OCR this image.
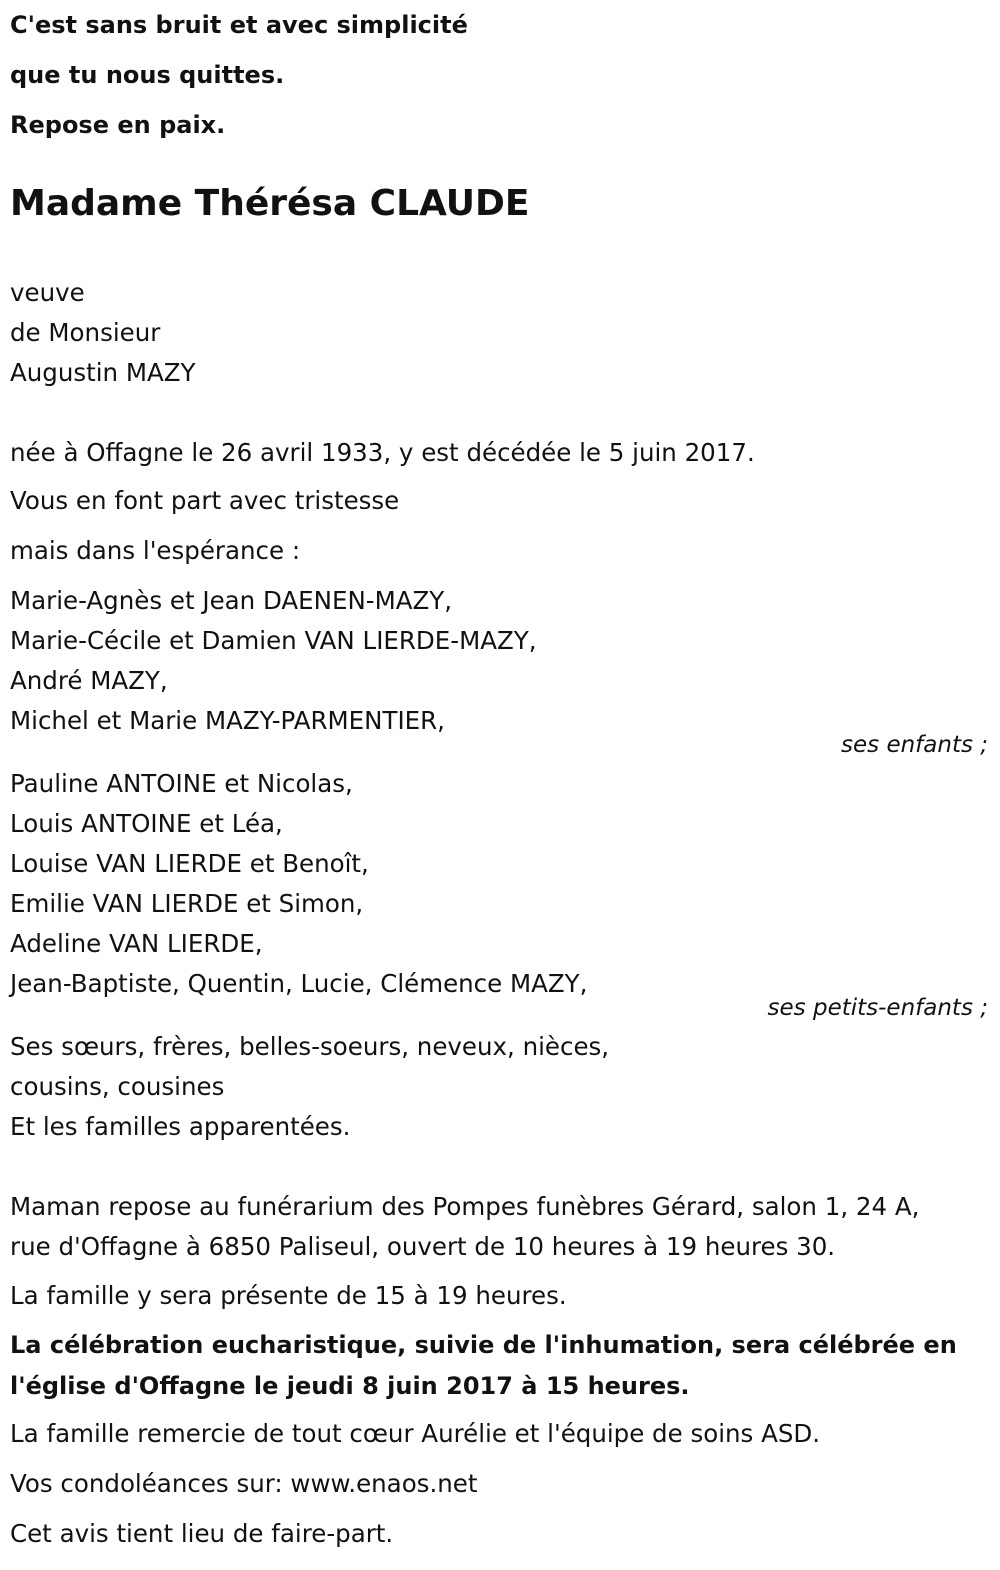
C'est sans bruit et avec simplicité
que tu nous quittes.
Repose en paix.
Madame Thérésa CLAUDE
veuve
de Monsieur
Augustin MAZY
née à Offagne le 26 avril 1933, y est décédée le 5 juin 2017.
Vous en font part avec tristesse
mais dans l'espérance :
Marie-Agnès et Jean DAENEN-MAZY,
Marie-Cécile et Damien VAN LIERDE-MAZY,
André MAZY,
Michel et Marie MAZY-PARMENTIER,
ses enfants ;
Pauline ANTOINE et Nicolas,
Louis ANTOINE et Léa,
Louise VAN LIERDE et Benoît,
Emilie VAN LIERDE et Simon,
Adeline VAN LIERDE,
Jean-Baptiste, Quentin, Lucie, Clémence MAZY,
ses petits-enfants ;
Ses sœurs, frères, belles-soeurs, neveux, nièces,
cousins, cousines
Et les familles apparentées.
Maman repose au funérarium des Pompes funèbres Gérard, salon 1, 24 A,
rue d'Offagne à 6850 Paliseul, ouvert de 10 heures à 19 heures 30.
La famille y sera présente de 15 à 19 heures.
La célébration eucharistique, suivie de l'inhumation, sera célébrée en
l'église d'Offagne le jeudi 8 juin 2017 à 15 heures.
La famille remercie de tout cœur Aurélie et l'équipe de soins ASD.
Vos condoléances sur: www.enaos.net
Cet avis tient lieu de faire-part.
